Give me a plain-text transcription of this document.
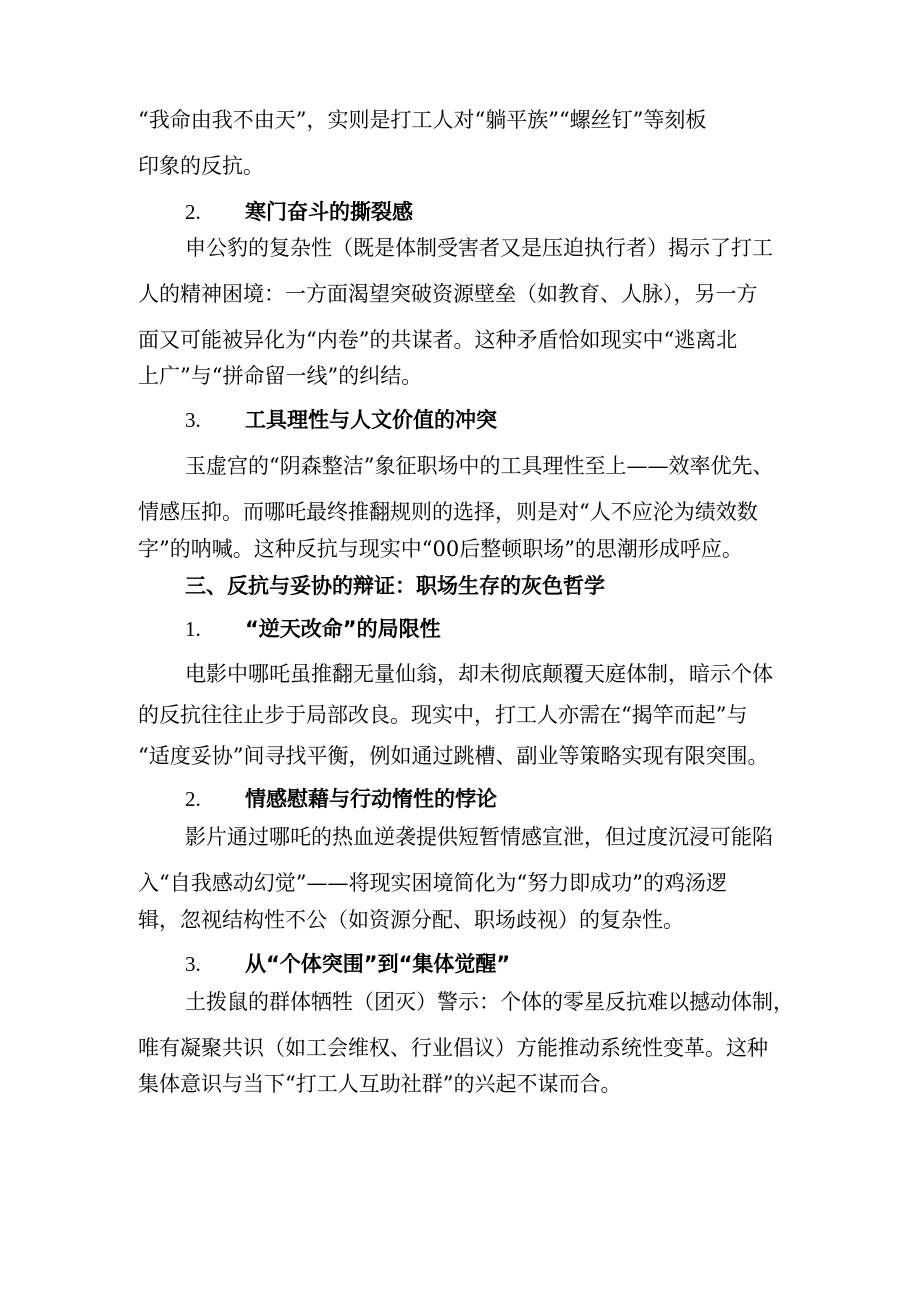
“我命由我不由天”，实则是打工人对“躺平族”“螺丝钉”等刻板
印象的反抗。
2. 寒门奋斗的撕裂感
申公豹的复杂性（既是体制受害者又是压迫执行者）揭示了打工
人的精神困境：一方面渴望突破资源壁垒（如教育、人脉），另一方
面又可能被异化为“内卷”的共谋者。这种矛盾恰如现实中“逃离北
上广”与“拼命留一线”的纠结。
3. 工具理性与人文价值的冲突
玉虚宫的“阴森整洁”象征职场中的工具理性至上——效率优先、
情感压抑。而哪吒最终推翻规则的选择，则是对“人不应沦为绩效数
字”的呐喊。这种反抗与现实中“00后整顿职场”的思潮形成呼应。
三、反抗与妥协的辩证：职场生存的灰色哲学
1. “逆天改命”的局限性
电影中哪吒虽推翻无量仙翁，却未彻底颠覆天庭体制，暗示个体
的反抗往往止步于局部改良。现实中，打工人亦需在“揭竿而起”与
“适度妥协”间寻找平衡，例如通过跳槽、副业等策略实现有限突围。
2. 情感慰藉与行动惰性的悖论
影片通过哪吒的热血逆袭提供短暂情感宣泄，但过度沉浸可能陷
入“自我感动幻觉”——将现实困境简化为“努力即成功”的鸡汤逻
辑，忽视结构性不公（如资源分配、职场歧视）的复杂性。
3. 从“个体突围”到“集体觉醒”
土拨鼠的群体牺牲（团灭）警示：个体的零星反抗难以撼动体制，
唯有凝聚共识（如工会维权、行业倡议）方能推动系统性变革。这种
集体意识与当下“打工人互助社群”的兴起不谋而合。
